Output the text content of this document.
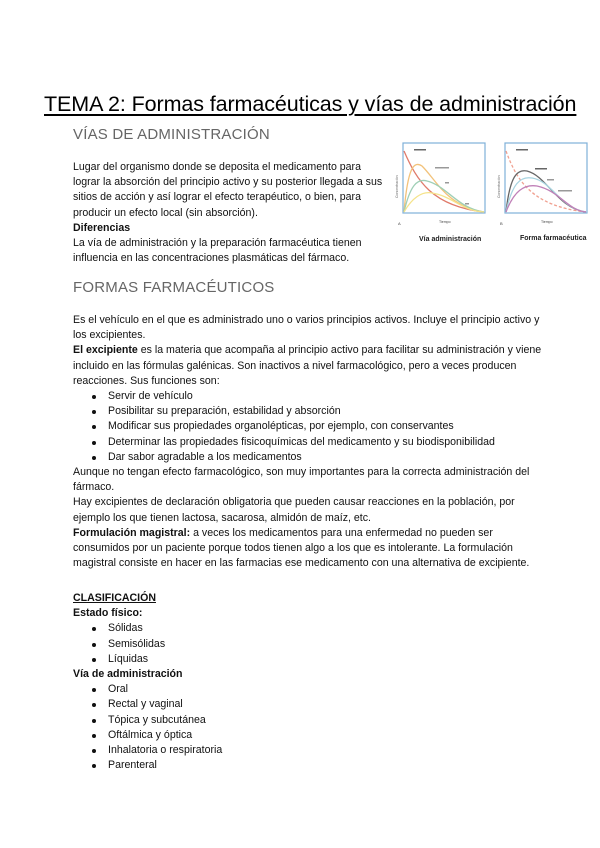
TEMA 2: Formas farmacéuticas y vías de administración
VÍAS DE ADMINISTRACIÓN

Lugar del organismo donde se deposita el medicamento para lograr la absorción del principio activo y su posterior llegada a sus sitios de acción y así lograr el efecto terapéutico, o bien, para producir un efecto local (sin absorción).

Diferencias

La vía de administración y la preparación farmacéutica tienen influencia en las concentraciones plasmáticas del fármaco.

Concentración
Tiempo
A
Concentración
Tiempo
B
Vía administración	Forma farmacéutica
FORMAS FARMACÉUTICOS

Es el vehículo en el que es administrado uno o varios principios activos. Incluye el principio activo y los excipientes.

El excipiente es la materia que acompaña al principio activo para facilitar su administración y viene incluido en las fórmulas galénicas. Son inactivos a nivel farmacológico, pero a veces producen reacciones. Sus funciones son:

Servir de vehículo
Posibilitar su preparación, estabilidad y absorción
Modificar sus propiedades organolépticas, por ejemplo, con conservantes
Determinar las propiedades fisicoquímicas del medicamento y su biodisponibilidad
Dar sabor agradable a los medicamentos

Aunque no tengan efecto farmacológico, son muy importantes para la correcta administración del fármaco.

Hay excipientes de declaración obligatoria que pueden causar reacciones en la población, por ejemplo los que tienen lactosa, sacarosa, almidón de maíz, etc.

Formulación magistral: a veces los medicamentos para una enfermedad no pueden ser consumidos por un paciente porque todos tienen algo a los que es intolerante. La formulación magistral consiste en hacer en las farmacias ese medicamento con una alternativa de excipiente.

CLASIFICACIÓN

Estado físico:

Sólidas
Semisólidas
Líquidas

Vía de administración

Oral
Rectal y vaginal
Tópica y subcutánea
Oftálmica y óptica
Inhalatoria o respiratoria
Parenteral
